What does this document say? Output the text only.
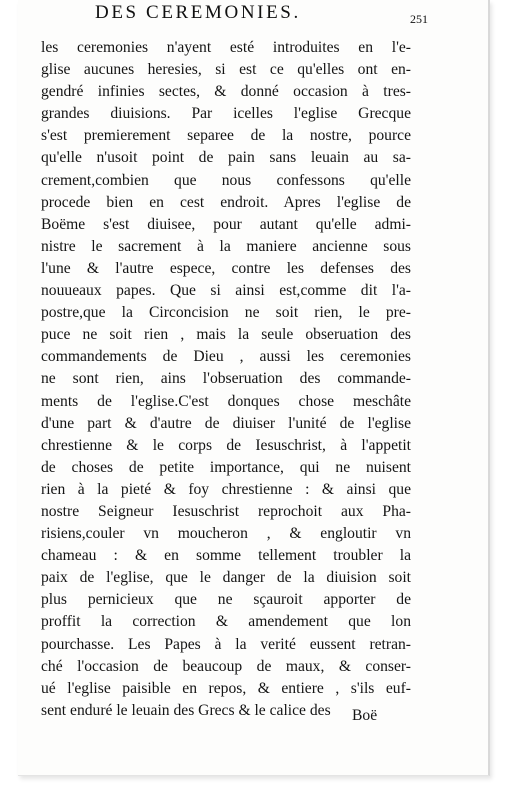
DES CEREMONIES.	251
les ceremonies n'ayent esté introduites en l'e-
glise aucunes heresies, si est ce qu'elles ont en-
gendré infinies sectes, & donné occasion à tres-
grandes diuisions. Par icelles l'eglise Grecque
s'est premierement separee de la nostre, pource
qu'elle n'usoit point de pain sans leuain au sa-
crement,combien que nous confessons qu'elle
procede bien en cest endroit. Apres l'eglise de
Boëme s'est diuisee, pour autant qu'elle admi-
nistre le sacrement à la maniere ancienne sous
l'une & l'autre espece, contre les defenses des
nouueaux papes. Que si ainsi est,comme dit l'a-
postre,que la Circoncision ne soit rien, le pre-
puce ne soit rien , mais la seule obseruation des
commandements de Dieu , aussi les ceremonies
ne sont rien, ains l'obseruation des commande-
ments de l'eglise.C'est donques chose meschâte
d'une part & d'autre de diuiser l'unité de l'eglise
chrestienne & le corps de Iesuschrist, à l'appetit
de choses de petite importance, qui ne nuisent
rien à la pieté & foy chrestienne : & ainsi que
nostre Seigneur Iesuschrist reprochoit aux Pha-
risiens,couler vn moucheron , & engloutir vn
chameau : & en somme tellement troubler la
paix de l'eglise, que le danger de la diuision soit
plus pernicieux que ne sçauroit apporter de
proffit la correction & amendement que lon
pourchasse. Les Papes à la verité eussent retran-
ché l'occasion de beaucoup de maux, & conser-
ué l'eglise paisible en repos, & entiere , s'ils euf-
sent enduré le leuain des Grecs & le calice des	Boë
